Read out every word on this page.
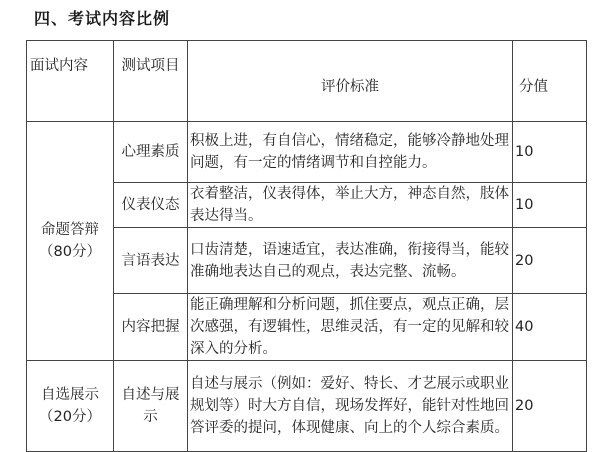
四、考试内容比例
面试内容	测试项目	评价标准	分值

命题答辩
（80分）	心理素质	积极上进，有自信心，情绪稳定，能够冷静地处理问题，有一定的情绪调节和自控能力。	10
	仪表仪态	衣着整洁，仪表得体，举止大方，神态自然，肢体表达得当。	10
	言语表达	口齿清楚，语速适宜，表达准确，衔接得当，能较准确地表达自己的观点，表达完整、流畅。	20
	内容把握	能正确理解和分析问题，抓住要点，观点正确，层次感强，有逻辑性，思维灵活，有一定的见解和较深入的分析。	40

自选展示
（20分）	自述与展示	自述与展示（例如：爱好、特长、才艺展示或职业规划等）时大方自信，现场发挥好，能针对性地回答评委的提问，体现健康、向上的个人综合素质。	20
